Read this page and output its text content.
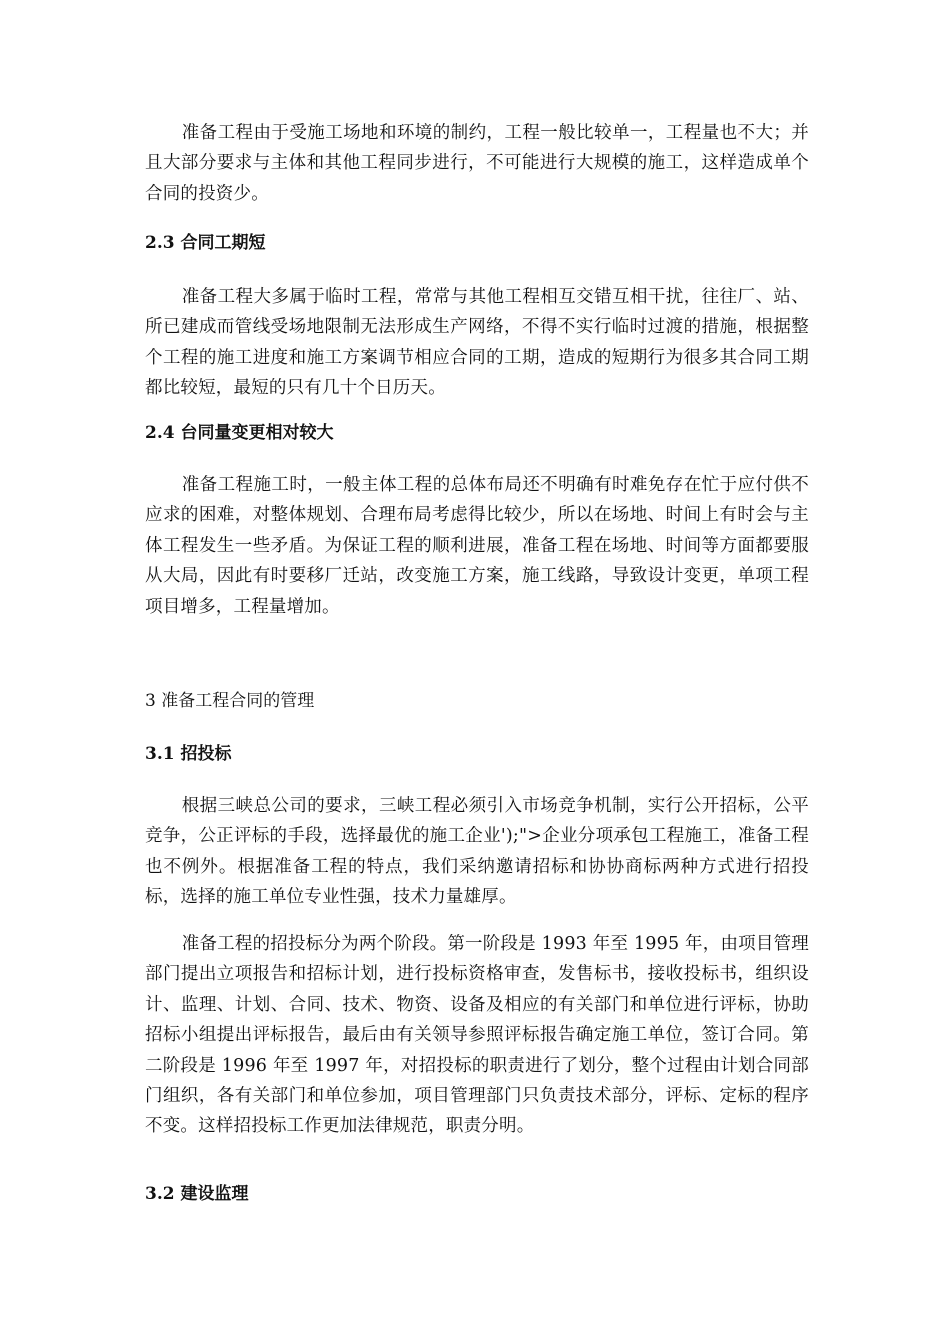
准备工程由于受施工场地和环境的制约，工程一般比较单一，工程量也不大；并且大部分要求与主体和其他工程同步进行，不可能进行大规模的施工，这样造成单个合同的投资少。

2.3 合同工期短

准备工程大多属于临时工程，常常与其他工程相互交错互相干扰，往往厂、站、所已建成而管线受场地限制无法形成生产网络，不得不实行临时过渡的措施，根据整个工程的施工进度和施工方案调节相应合同的工期，造成的短期行为很多其合同工期都比较短，最短的只有几十个日历天。

2.4 台同量变更相对较大

准备工程施工时，一般主体工程的总体布局还不明确有时难免存在忙于应付供不应求的困难，对整体规划、合理布局考虑得比较少，所以在场地、时间上有时会与主体工程发生一些矛盾。为保证工程的顺利进展，准备工程在场地、时间等方面都要服从大局，因此有时要移厂迁站，改变施工方案，施工线路，导致设计变更，单项工程项目增多，工程量增加。

3 准备工程合同的管理
3.1 招投标

根据三峡总公司的要求，三峡工程必须引入市场竞争机制，实行公开招标，公平竞争，公正评标的手段，选择最优的施工企业');">企业分项承包工程施工，准备工程也不例外。根据准备工程的特点，我们采纳邀请招标和协协商标两种方式进行招投标，选择的施工单位专业性强，技术力量雄厚。

准备工程的招投标分为两个阶段。第一阶段是 1993 年至 1995 年，由项目管理部门提出立项报告和招标计划，进行投标资格审查，发售标书，接收投标书，组织设计、监理、计划、合同、技术、物资、设备及相应的有关部门和单位进行评标，协助招标小组提出评标报告，最后由有关领导参照评标报告确定施工单位，签订合同。第二阶段是 1996 年至 1997 年，对招投标的职责进行了划分，整个过程由计划合同部门组织，各有关部门和单位参加，项目管理部门只负责技术部分，评标、定标的程序不变。这样招投标工作更加法律规范，职责分明。

3.2 建设监理
